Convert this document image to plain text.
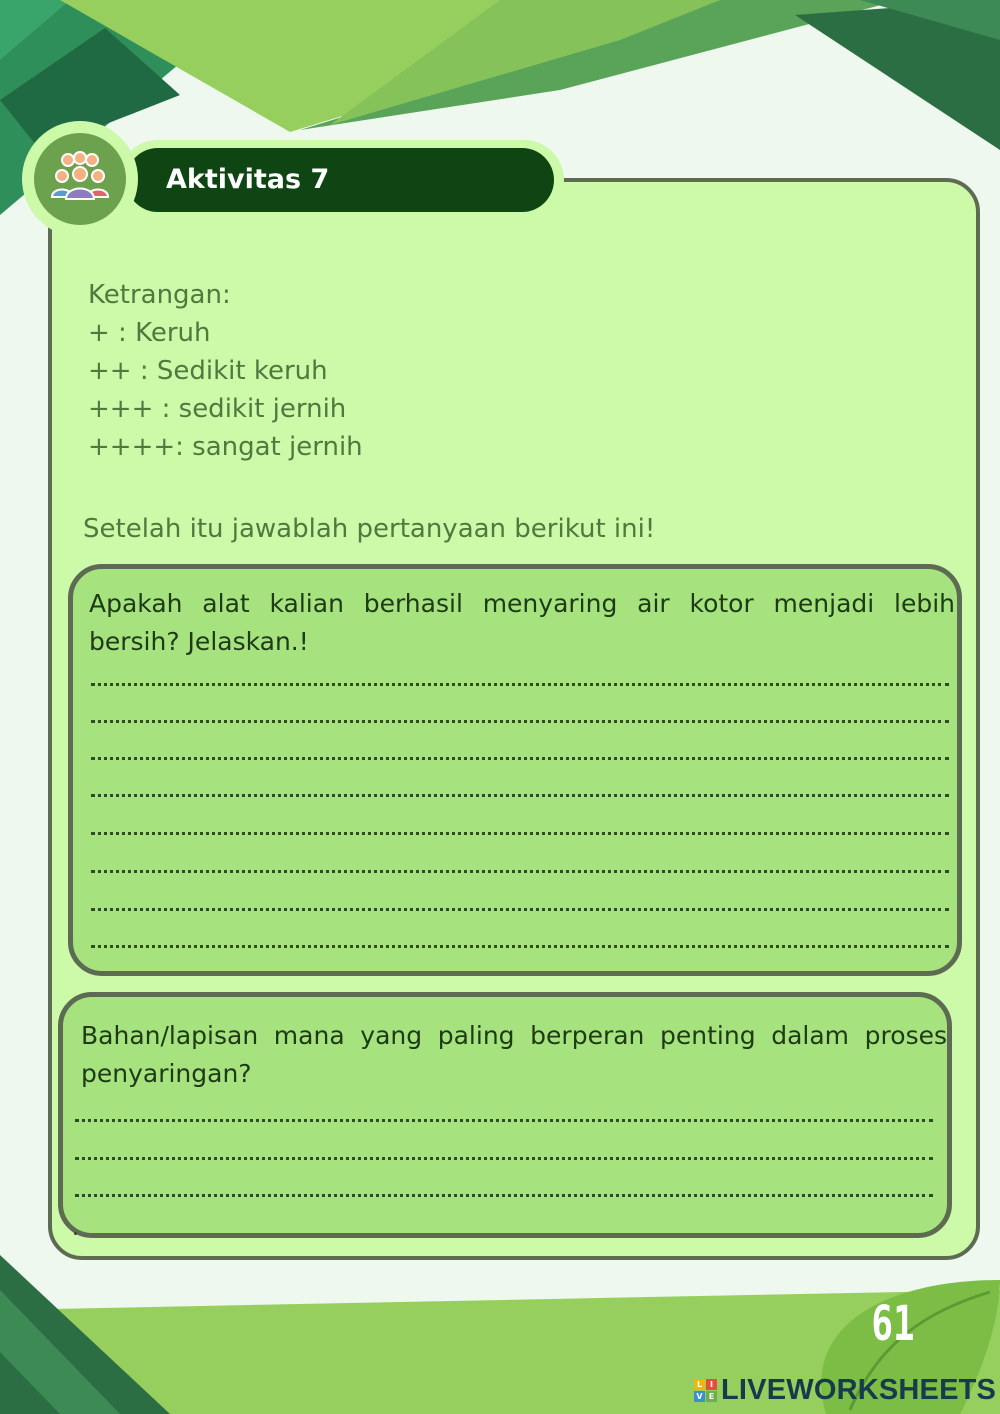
Aktivitas 7
Ketrangan:
+ : Keruh
++ : Sedikit keruh
+++ : sedikit jernih
++++: sangat jernih
Setelah itu jawablah pertanyaan berikut ini!
Apakah alat kalian berhasil menyaring air kotor menjadi lebih bersih? Jelaskan.!
Bahan/lapisan mana yang paling berperan penting dalam proses penyaringan?
61
L I
V E LIVEWORKSHEETS
